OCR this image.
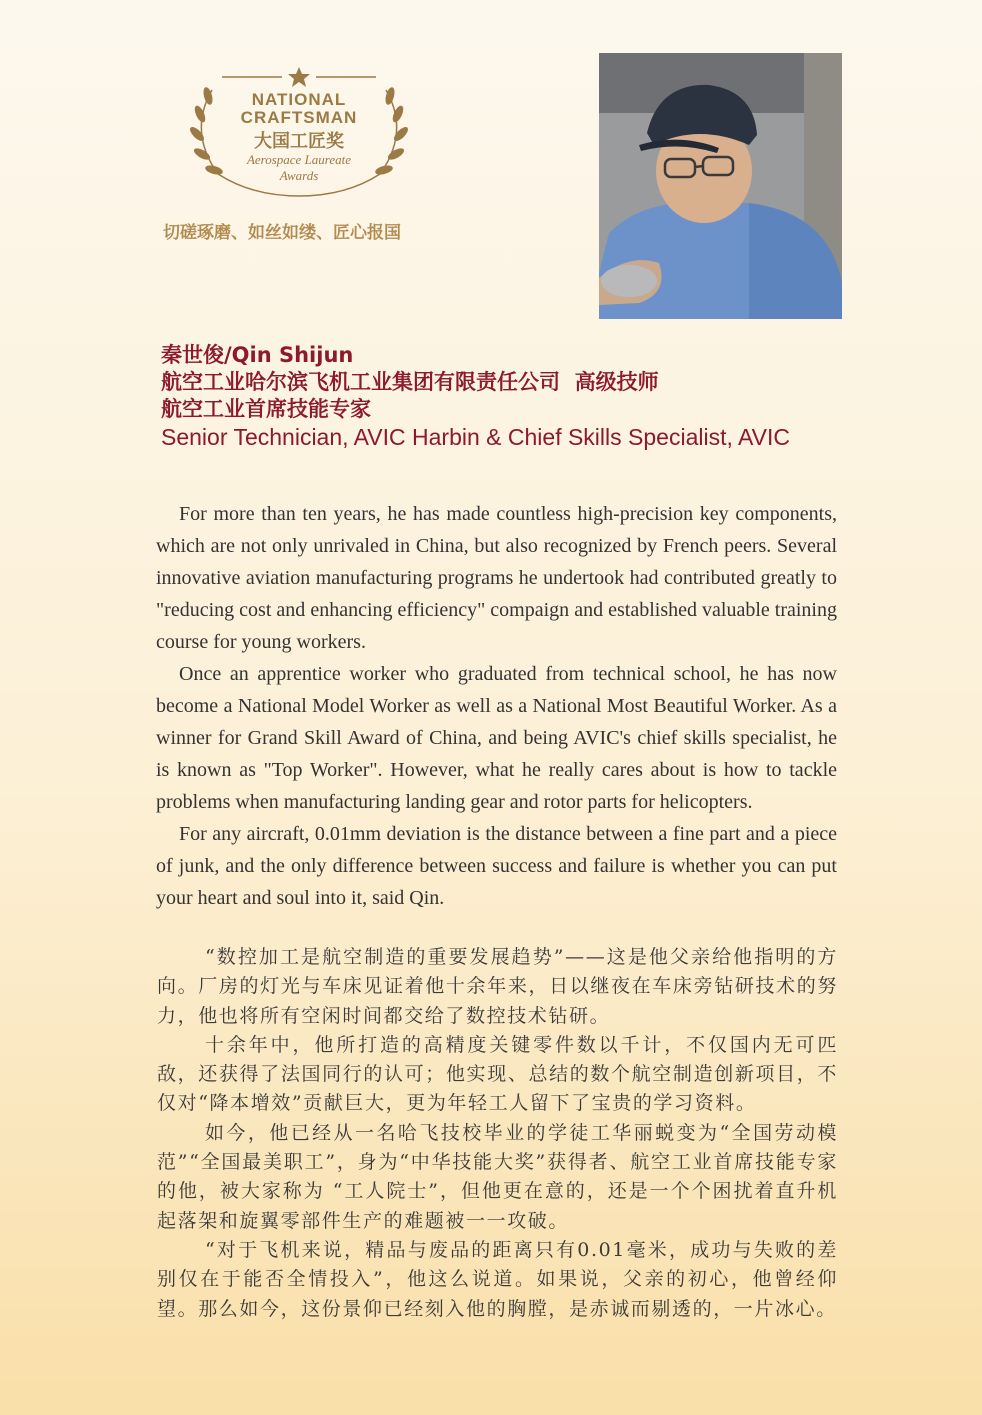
NATIONAL
CRAFTSMAN
大国工匠奖
Aerospace Laureate
Awards
切磋琢磨、如丝如缕、匠心报国
秦世俊/Qin Shijun
航空工业哈尔滨飞机工业集团有限责任公司  高级技师
航空工业首席技能专家
Senior Technician, AVIC Harbin & Chief Skills Specialist, AVIC

For more than ten years, he has made countless high-precision key components, which are not only unrivaled in China, but also recognized by French peers. Several innovative aviation manufacturing programs he undertook had contributed greatly to "reducing cost and enhancing efficiency" compaign and established valuable training course for young workers.

Once an apprentice worker who graduated from technical school, he has now become a National Model Worker as well as a National Most Beautiful Worker. As a winner for Grand Skill Award of China, and being AVIC's chief skills specialist, he is known as "Top Worker". However, what he really cares about is how to tackle problems when manufacturing landing gear and rotor parts for helicopters.

For any aircraft, 0.01mm deviation is the distance between a fine part and a piece of junk, and the only difference between success and failure is whether you can put your heart and soul into it, said Qin.

“数控加工是航空制造的重要发展趋势”——这是他父亲给他指明的方向。厂房的灯光与车床见证着他十余年来，日以继夜在车床旁钻研技术的努力，他也将所有空闲时间都交给了数控技术钻研。

十余年中，他所打造的高精度关键零件数以千计，不仅国内无可匹敌，还获得了法国同行的认可；他实现、总结的数个航空制造创新项目，不仅对“降本增效”贡献巨大，更为年轻工人留下了宝贵的学习资料。

如今，他已经从一名哈飞技校毕业的学徒工华丽蜕变为“全国劳动模范”“全国最美职工”，身为“中华技能大奖”获得者、航空工业首席技能专家的他，被大家称为 “工人院士”，但他更在意的，还是一个个困扰着直升机起落架和旋翼零部件生产的难题被一一攻破。

“对于飞机来说，精品与废品的距离只有0.01毫米，成功与失败的差别仅在于能否全情投入”，他这么说道。如果说，父亲的初心，他曾经仰望。那么如今，这份景仰已经刻入他的胸膛，是赤诚而剔透的，一片冰心。
